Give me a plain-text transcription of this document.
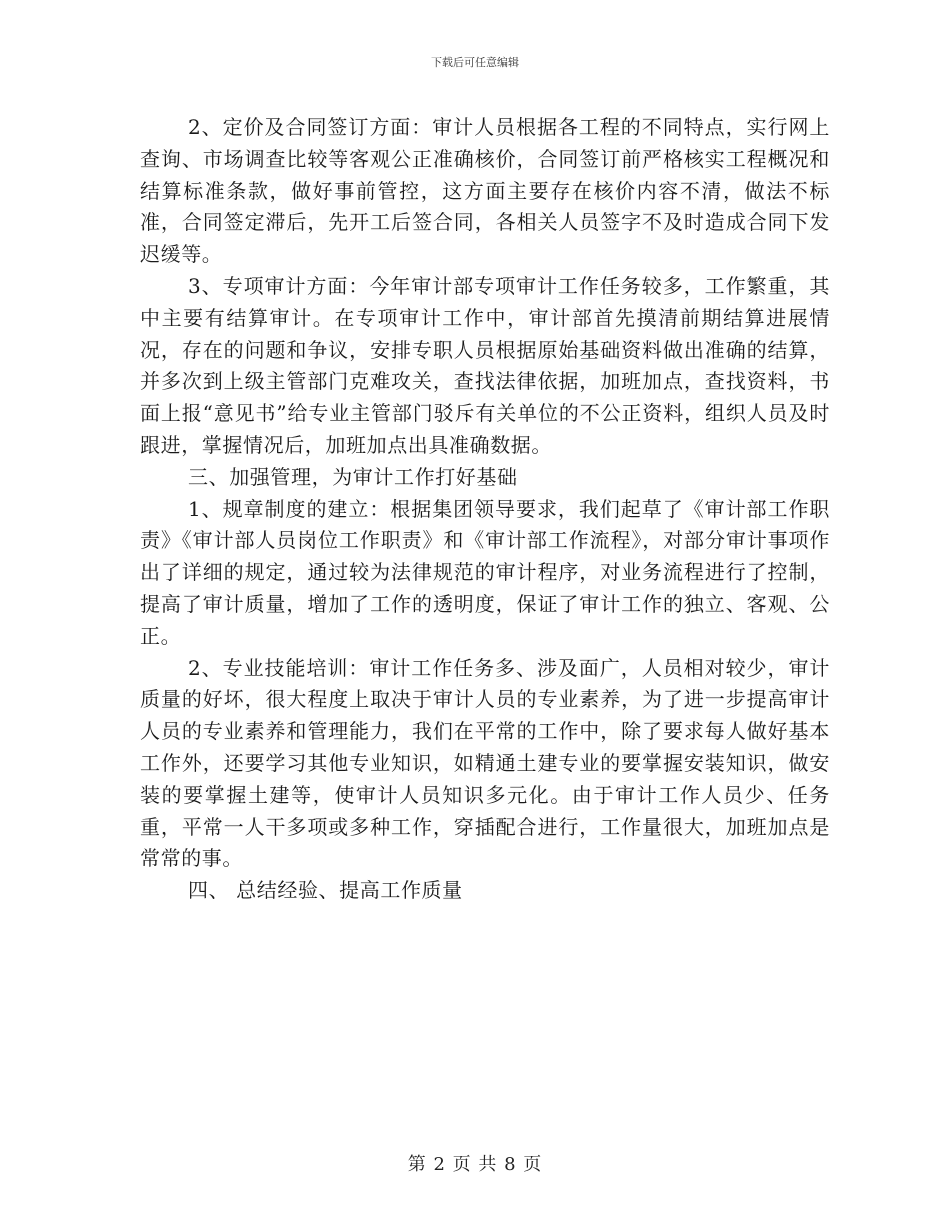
下载后可任意编辑

2、定价及合同签订方面：审计人员根据各工程的不同特点，实行网上查询、市场调查比较等客观公正准确核价，合同签订前严格核实工程概况和结算标准条款，做好事前管控，这方面主要存在核价内容不清，做法不标准，合同签定滞后，先开工后签合同，各相关人员签字不及时造成合同下发迟缓等。

3、专项审计方面：今年审计部专项审计工作任务较多，工作繁重，其中主要有结算审计。在专项审计工作中，审计部首先摸清前期结算进展情况，存在的问题和争议，安排专职人员根据原始基础资料做出准确的结算，并多次到上级主管部门克难攻关，查找法律依据，加班加点，查找资料，书面上报“意见书”给专业主管部门驳斥有关单位的不公正资料，组织人员及时跟进，掌握情况后，加班加点出具准确数据。

三、加强管理，为审计工作打好基础

1、规章制度的建立：根据集团领导要求，我们起草了《审计部工作职责》《审计部人员岗位工作职责》和《审计部工作流程》，对部分审计事项作出了详细的规定，通过较为法律规范的审计程序，对业务流程进行了控制，提高了审计质量，增加了工作的透明度，保证了审计工作的独立、客观、公正。

2、专业技能培训：审计工作任务多、涉及面广，人员相对较少，审计质量的好坏，很大程度上取决于审计人员的专业素养，为了进一步提高审计人员的专业素养和管理能力，我们在平常的工作中，除了要求每人做好基本工作外，还要学习其他专业知识，如精通土建专业的要掌握安装知识，做安装的要掌握土建等，使审计人员知识多元化。由于审计工作人员少、任务重，平常一人干多项或多种工作，穿插配合进行，工作量很大，加班加点是常常的事。

四、 总结经验、提高工作质量

第 2 页 共 8 页
